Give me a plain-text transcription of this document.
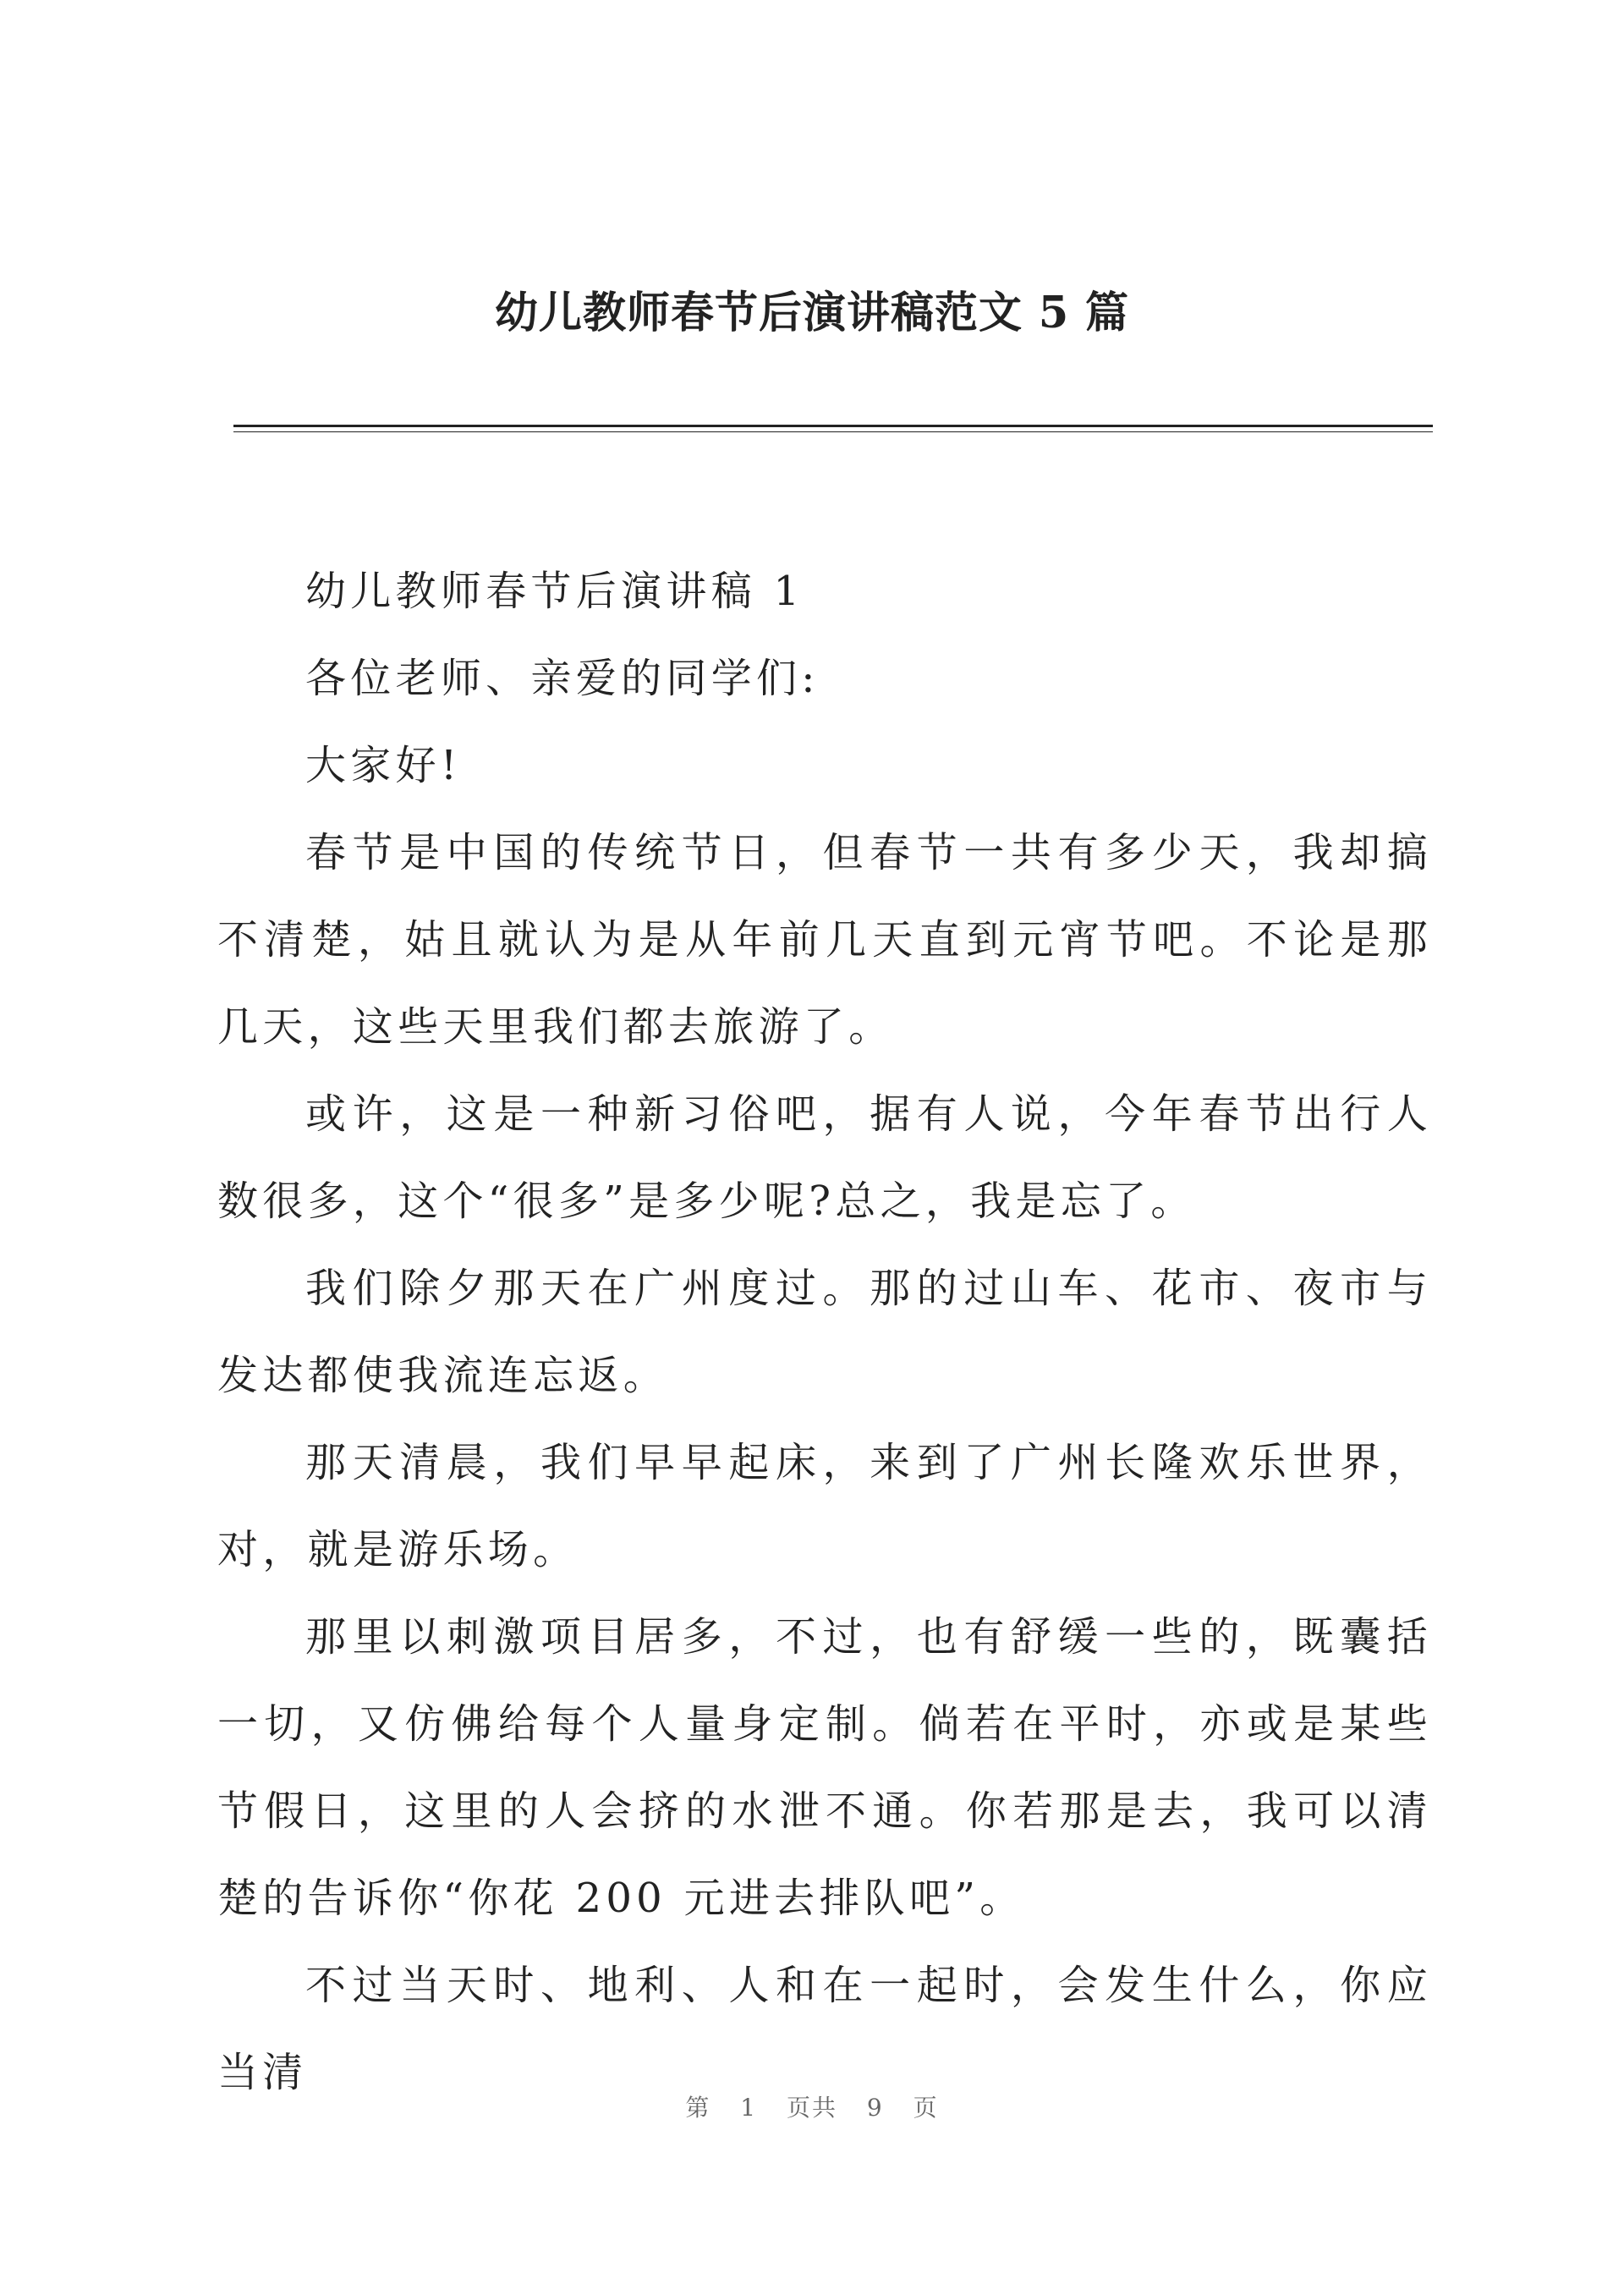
幼儿教师春节后演讲稿范文 5 篇

幼儿教师春节后演讲稿 1

各位老师、亲爱的同学们:

大家好!

春节是中国的传统节日，但春节一共有多少天，我却搞不清楚，姑且就认为是从年前几天直到元宵节吧。不论是那几天，这些天里我们都去旅游了。

或许，这是一种新习俗吧，据有人说，今年春节出行人数很多，这个“很多”是多少呢?总之，我是忘了。

我们除夕那天在广州度过。那的过山车、花市、夜市与发达都使我流连忘返。

那天清晨，我们早早起床，来到了广州长隆欢乐世界，对，就是游乐场。

那里以刺激项目居多，不过，也有舒缓一些的，既囊括一切，又仿佛给每个人量身定制。倘若在平时，亦或是某些节假日，这里的人会挤的水泄不通。你若那是去，我可以清楚的告诉你“你花 200 元进去排队吧”。

不过当天时、地利、人和在一起时，会发生什么，你应当清

第 1 页共 9 页
